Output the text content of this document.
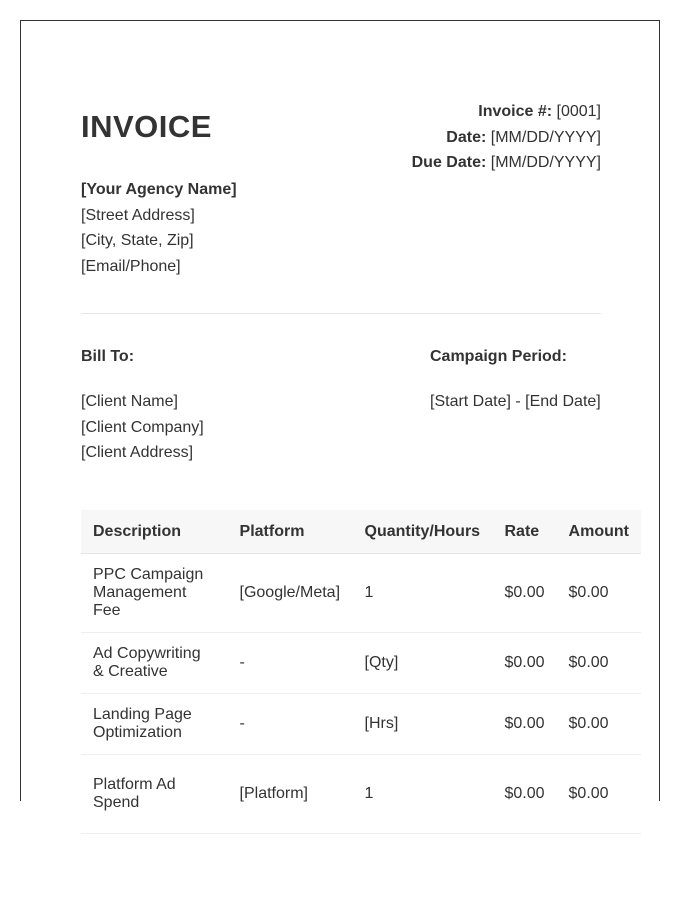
INVOICE	Invoice #: [0001]
Date: [MM/DD/YYYY]
Due Date: [MM/DD/YYYY]
[Your Agency Name]
[Street Address]
[City, State, Zip]
[Email/Phone]
Bill To:
[Client Name]
[Client Company]
[Client Address]
Campaign Period:
[Start Date] - [End Date]
Description	Platform	Quantity/Hours	Rate	Amount
PPC Campaign Management Fee	[Google/Meta]	1	$0.00	$0.00
Ad Copywriting & Creative	-	[Qty]	$0.00	$0.00
Landing Page Optimization	-	[Hrs]	$0.00	$0.00
Platform Ad Spend	[Platform]	1	$0.00	$0.00
